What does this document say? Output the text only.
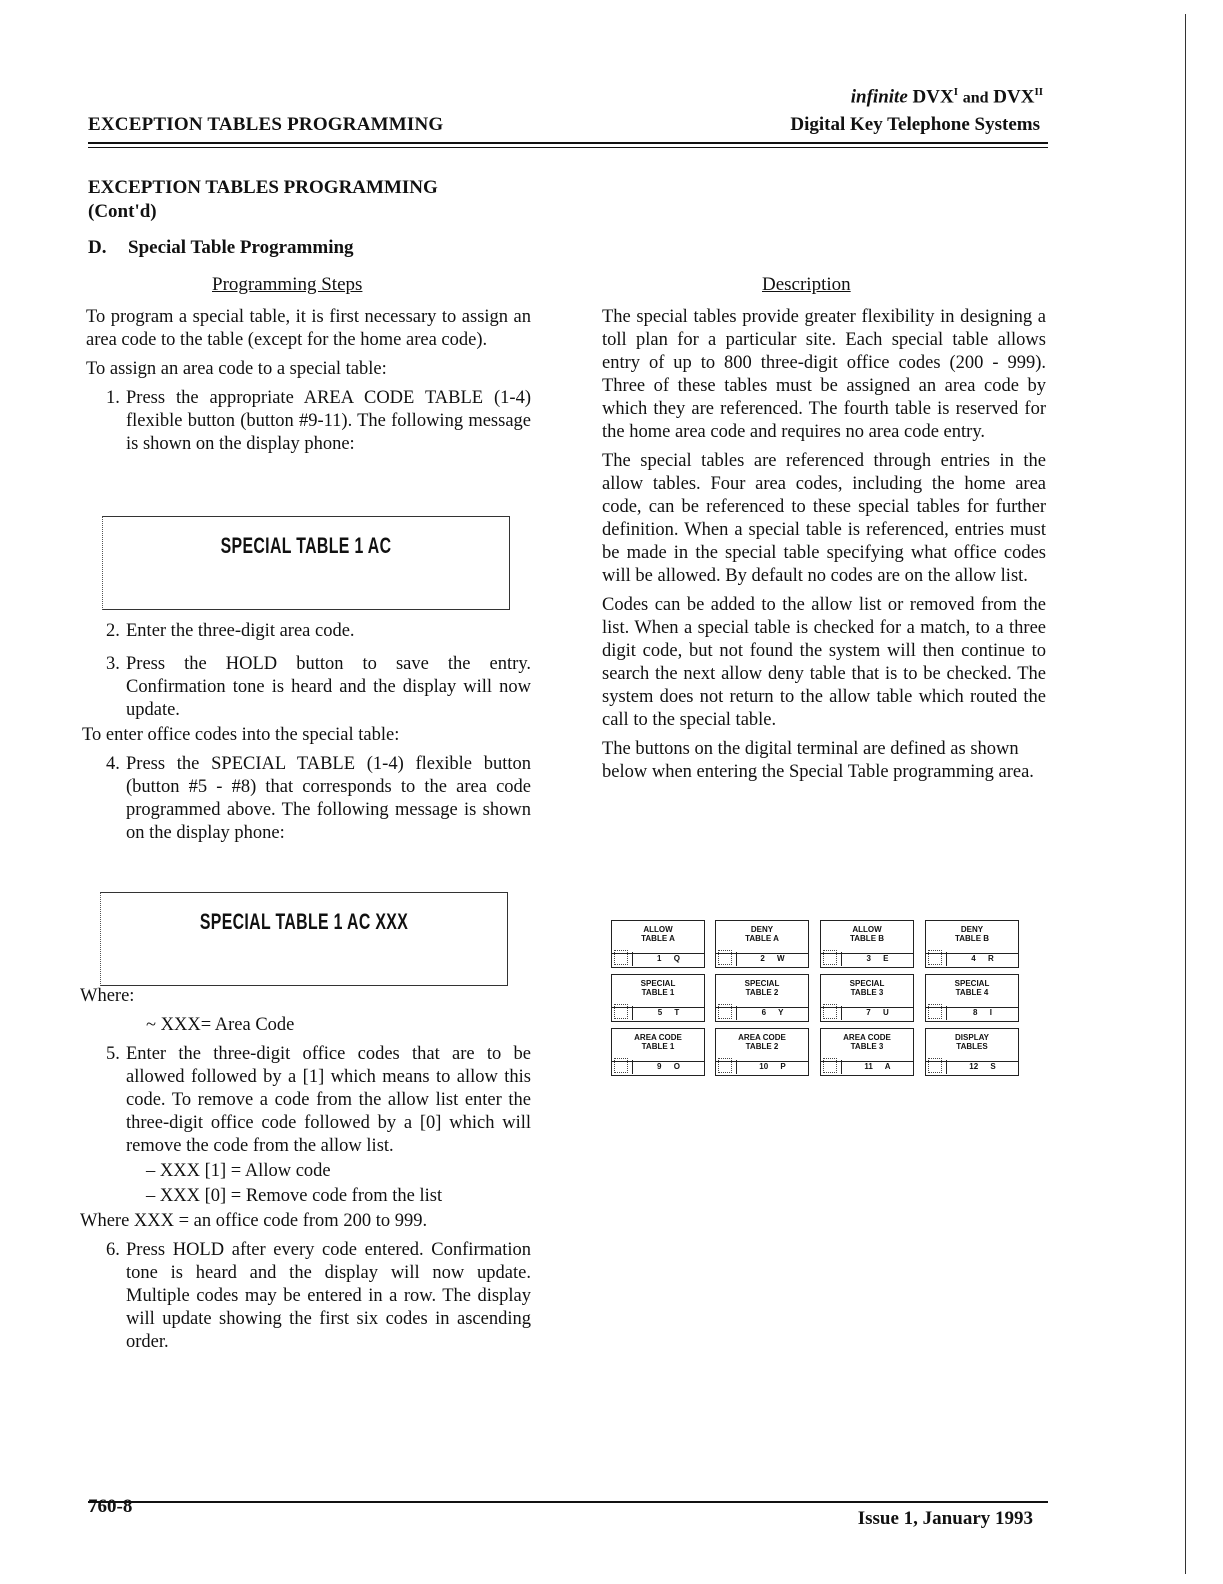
infinite $DVX^I$ and $DVX^{II}$
EXCEPTION TABLES PROGRAMMING	Digital Key Telephone Systems
EXCEPTION TABLES PROGRAMMING
(Cont'd)
D. Special Table Programming
Programming Steps	Description

To program a special table, it is first necessary to assign an area code to the table (except for the home area code).

To assign an area code to a special table:

1. Press the appropriate AREA CODE TABLE (1-4) flexible button (button #9-11). The following message is shown on the display phone:
2. Enter the three-digit area code.
3. Press the HOLD button to save the entry. Confirmation tone is heard and the display will now update.

To enter office codes into the special table:

4. Press the SPECIAL TABLE (1-4) flexible button (button #5 - #8) that corresponds to the area code programmed above. The following message is shown on the display phone:

Where:

~ XXX= Area Code

5. Enter the three-digit office codes that are to be allowed followed by a [1] which means to allow this code. To remove a code from the allow list enter the three-digit office code followed by a [0] which will remove the code from the allow list.
– XXX [1] = Allow code
– XXX [0] = Remove code from the list

Where XXX = an office code from 200 to 999.

6. Press HOLD after every code entered. Confirmation tone is heard and the display will now update. Multiple codes may be entered in a row. The display will update showing the first six codes in ascending order.
SPECIAL TABLE 1 AC
SPECIAL TABLE 1 AC XXX

The special tables provide greater flexibility in designing a toll plan for a particular site. Each special table allows entry of up to 800 three-digit office codes (200 - 999). Three of these tables must be assigned an area code by which they are referenced. The fourth table is reserved for the home area code and requires no area code entry.

The special tables are referenced through entries in the allow tables. Four area codes, including the home area code, can be referenced to these special tables for further definition. When a special table is referenced, entries must be made in the special table specifying what office codes will be allowed. By default no codes are on the allow list.

Codes can be added to the allow list or removed from the list. When a special table is checked for a match, to a three digit code, but not found the system will then continue to search the next allow deny table that is to be checked. The system does not return to the allow table which routed the call to the special table.

The buttons on the digital terminal are defined as shown below when entering the Special Table programming area.

ALLOW
TABLE A
1 Q
DENY
TABLE A
2 W
ALLOW
TABLE B
3 E
DENY
TABLE B
4 R
SPECIAL
TABLE 1
5 T
SPECIAL
TABLE 2
6 Y
SPECIAL
TABLE 3
7 U
SPECIAL
TABLE 4
8 I
AREA CODE
TABLE 1
9 O
AREA CODE
TABLE 2
10 P
AREA CODE
TABLE 3
11 A
DISPLAY
TABLES
12 S
760-8
Issue 1, January 1993
